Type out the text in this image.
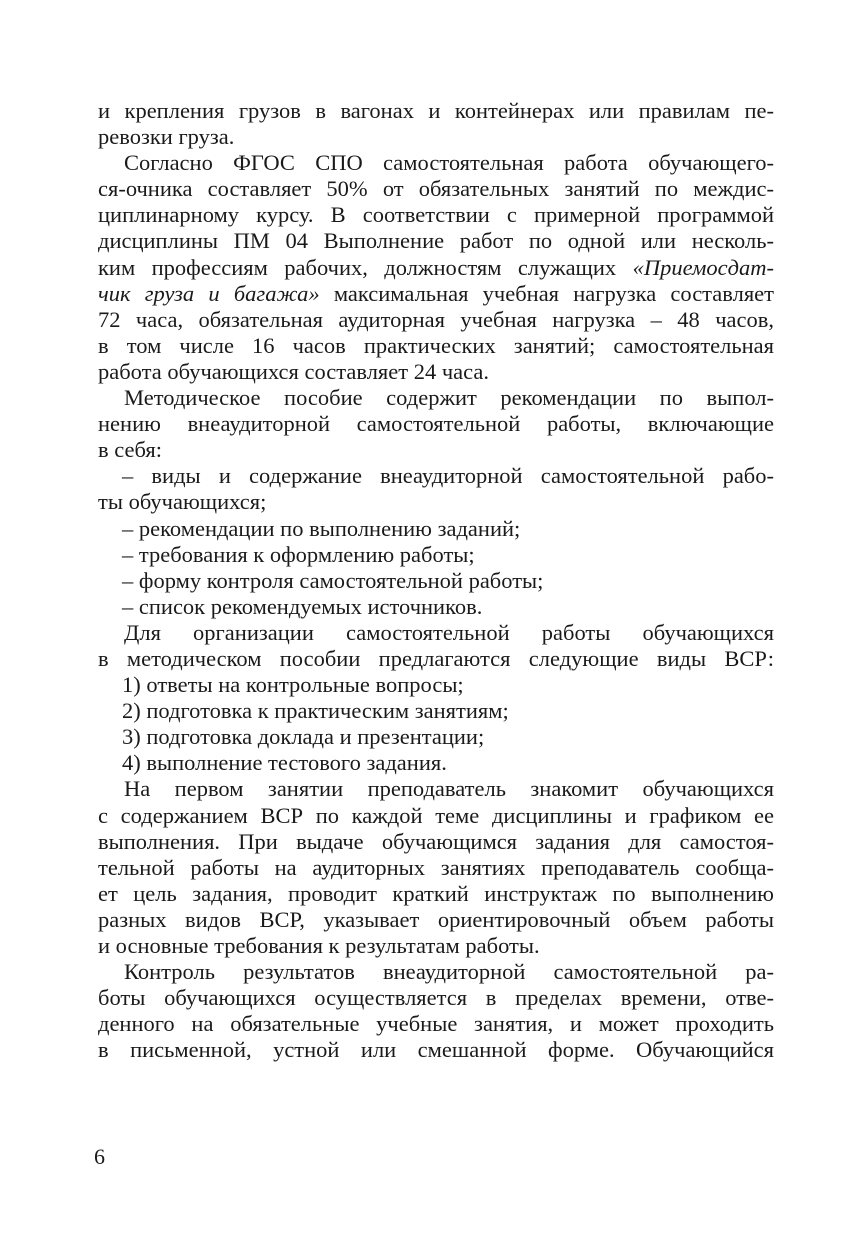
и крепления грузов в вагонах и контейнерах или правилам пе-
ревозки груза.
Согласно ФГОС СПО самостоятельная работа обучающего-
ся-очника составляет 50% от обязательных занятий по междис-
циплинарному курсу. В соответствии с примерной программой
дисциплины ПМ 04 Выполнение работ по одной или несколь-
ким профессиям рабочих, должностям служащих «Приемосдат-
чик груза и багажа» максимальная учебная нагрузка составляет
72 часа, обязательная аудиторная учебная нагрузка – 48 часов,
в том числе 16 часов практических занятий; самостоятельная
работа обучающихся составляет 24 часа.
Методическое пособие содержит рекомендации по выпол-
нению внеаудиторной самостоятельной работы, включающие
в себя:
– виды и содержание внеаудиторной самостоятельной рабо-
ты обучающихся;
– рекомендации по выполнению заданий;
– требования к оформлению работы;
– форму контроля самостоятельной работы;
– список рекомендуемых источников.
Для организации самостоятельной работы обучающихся
в методическом пособии предлагаются следующие виды ВСР:
1) ответы на контрольные вопросы;
2) подготовка к практическим занятиям;
3) подготовка доклада и презентации;
4) выполнение тестового задания.
На первом занятии преподаватель знакомит обучающихся
с содержанием ВСР по каждой теме дисциплины и графиком ее
выполнения. При выдаче обучающимся задания для самостоя-
тельной работы на аудиторных занятиях преподаватель сообща-
ет цель задания, проводит краткий инструктаж по выполнению
разных видов ВСР, указывает ориентировочный объем работы
и основные требования к результатам работы.
Контроль результатов внеаудиторной самостоятельной ра-
боты обучающихся осуществляется в пределах времени, отве-
денного на обязательные учебные занятия, и может проходить
в письменной, устной или смешанной форме. Обучающийся
6
